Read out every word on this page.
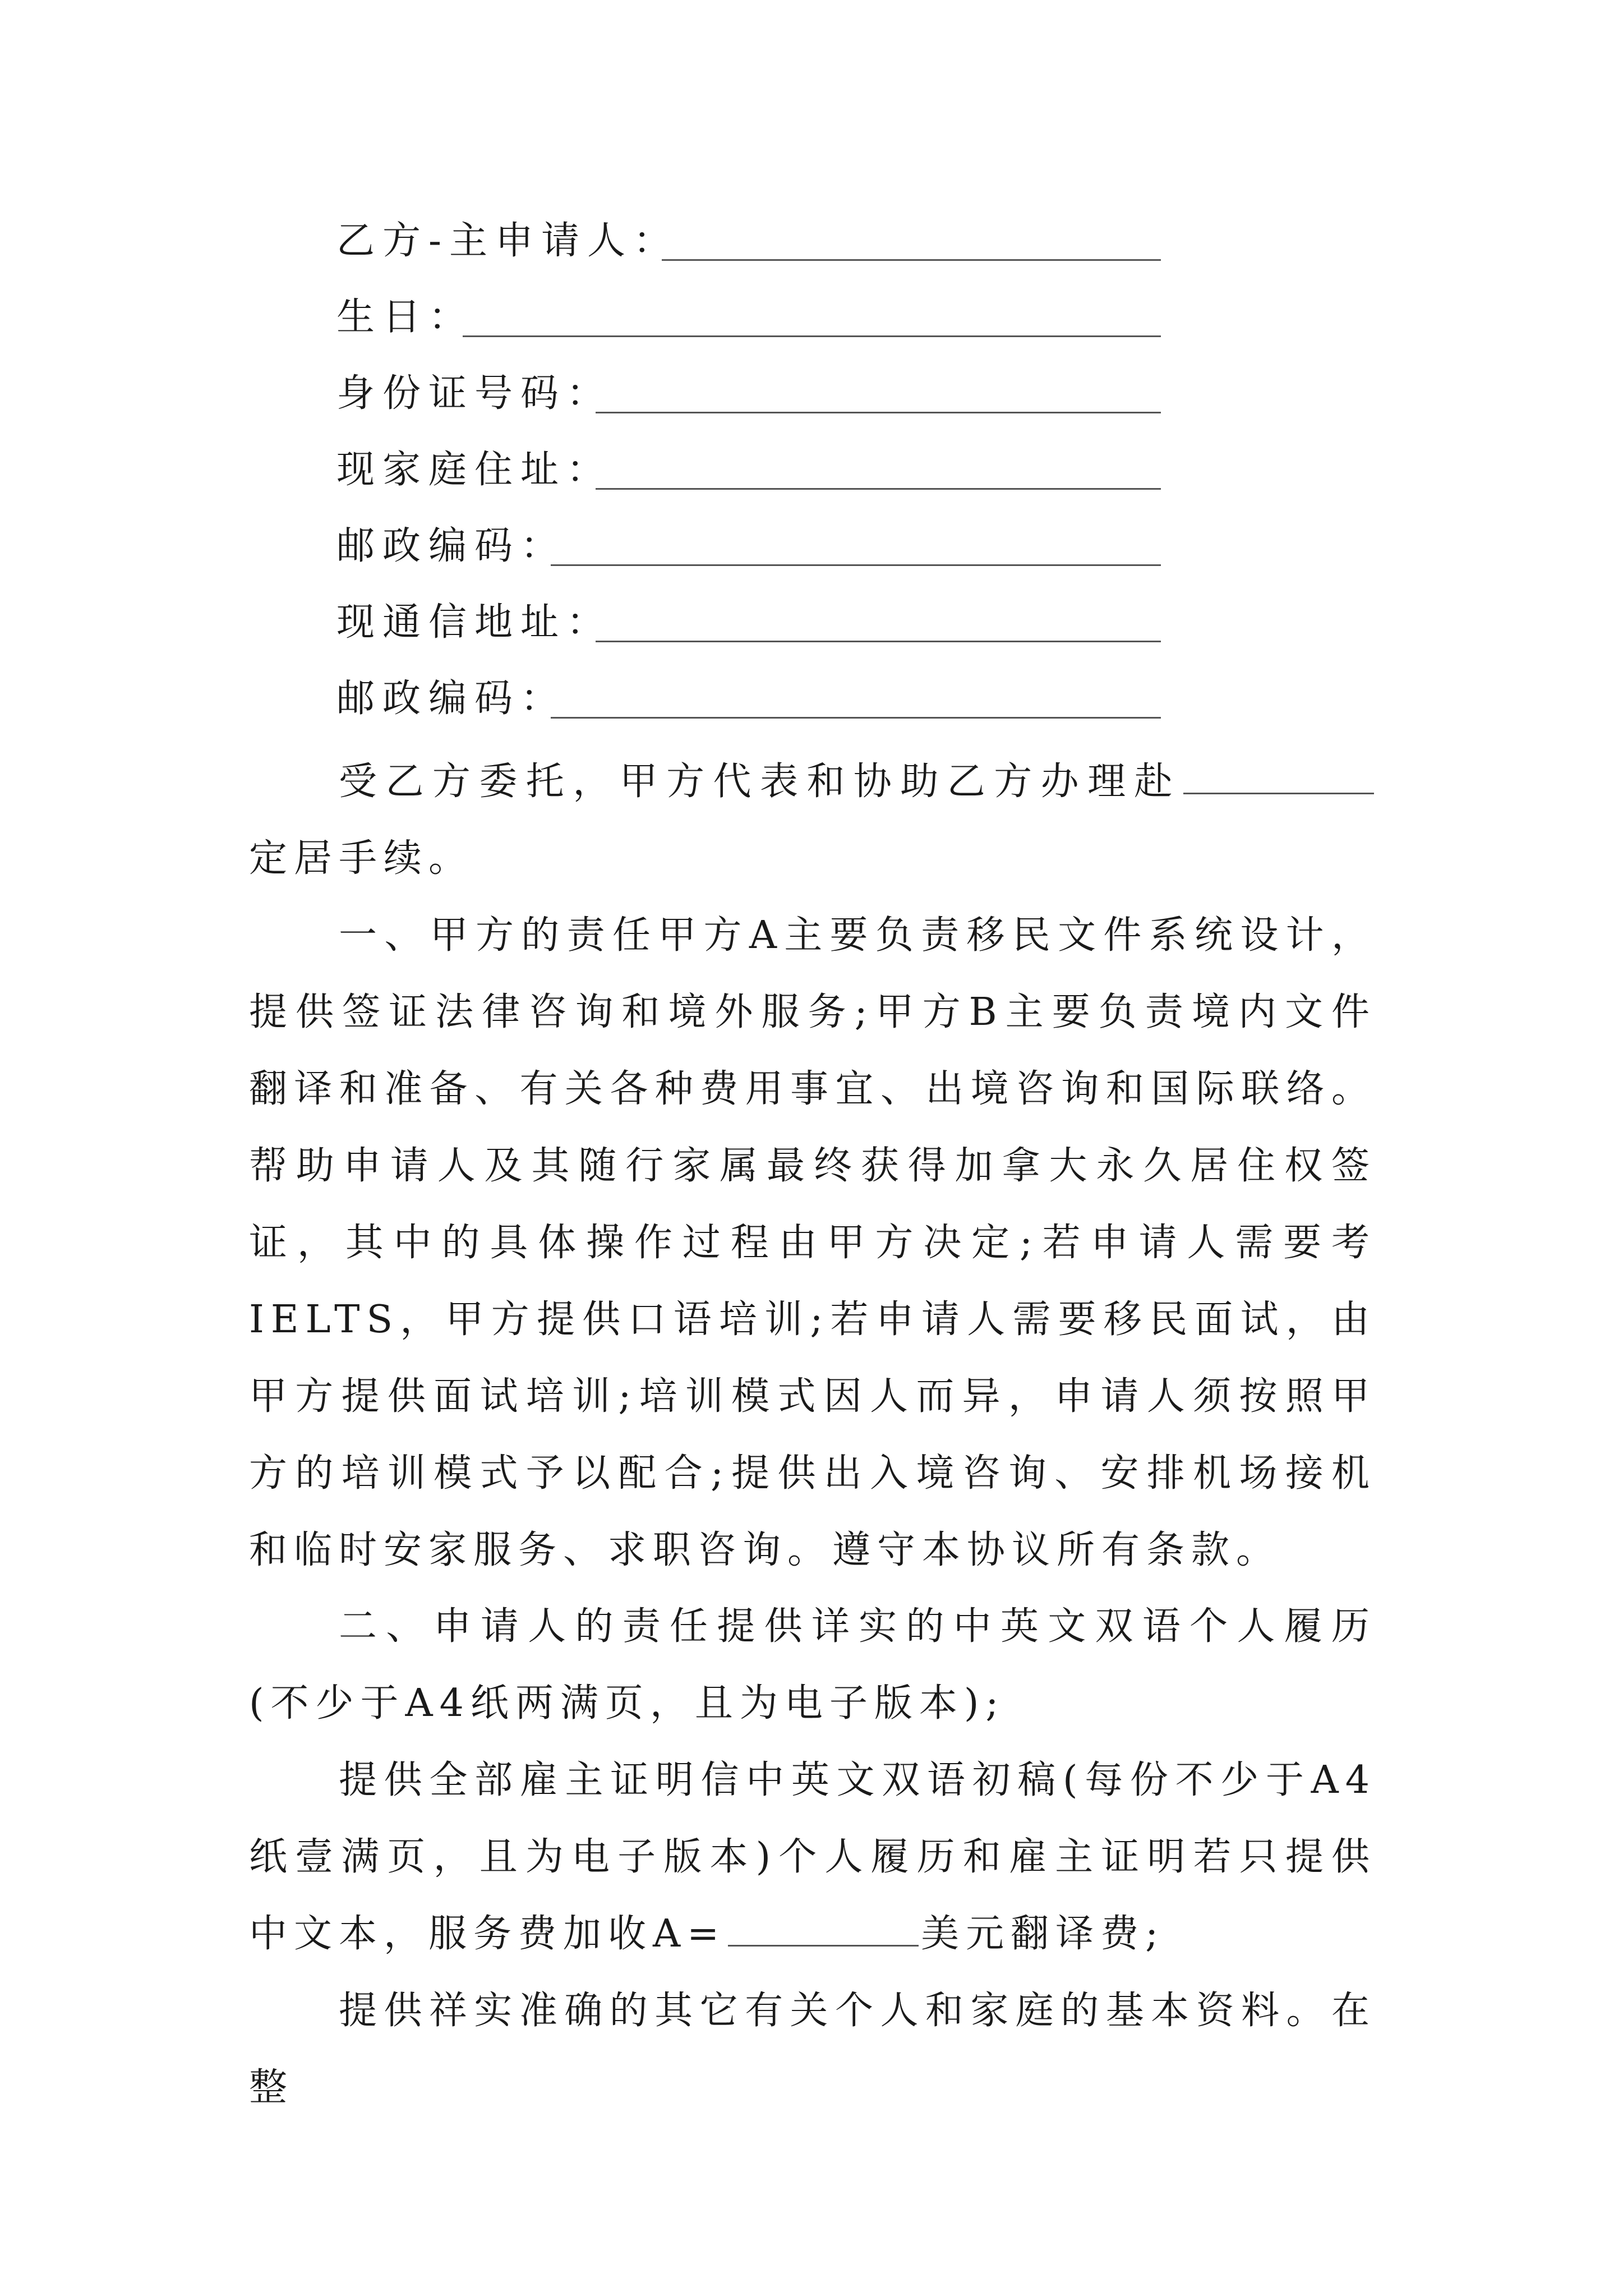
乙方-主申请人：
生日：
身份证号码：
现家庭住址：
邮政编码：
现通信地址：
邮政编码：
受乙方委托，甲方代表和协助乙方办理赴定居手续。
一、甲方的责任甲方A主要负责移民文件系统设计，提供签证法律咨询和境外服务;甲方B主要负责境内文件翻译和准备、有关各种费用事宜、出境咨询和国际联络。帮助申请人及其随行家属最终获得加拿大永久居住权签证，其中的具体操作过程由甲方决定;若申请人需要考IELTS，甲方提供口语培训;若申请人需要移民面试，由甲方提供面试培训;培训模式因人而异，申请人须按照甲方的培训模式予以配合;提供出入境咨询、安排机场接机和临时安家服务、求职咨询。遵守本协议所有条款。
二、申请人的责任提供详实的中英文双语个人履历(不少于A4纸两满页，且为电子版本);
提供全部雇主证明信中英文双语初稿(每份不少于A4纸壹满页，且为电子版本)个人履历和雇主证明若只提供中文本，服务费加收A=	美元翻译费;
提供祥实准确的其它有关个人和家庭的基本资料。在整
